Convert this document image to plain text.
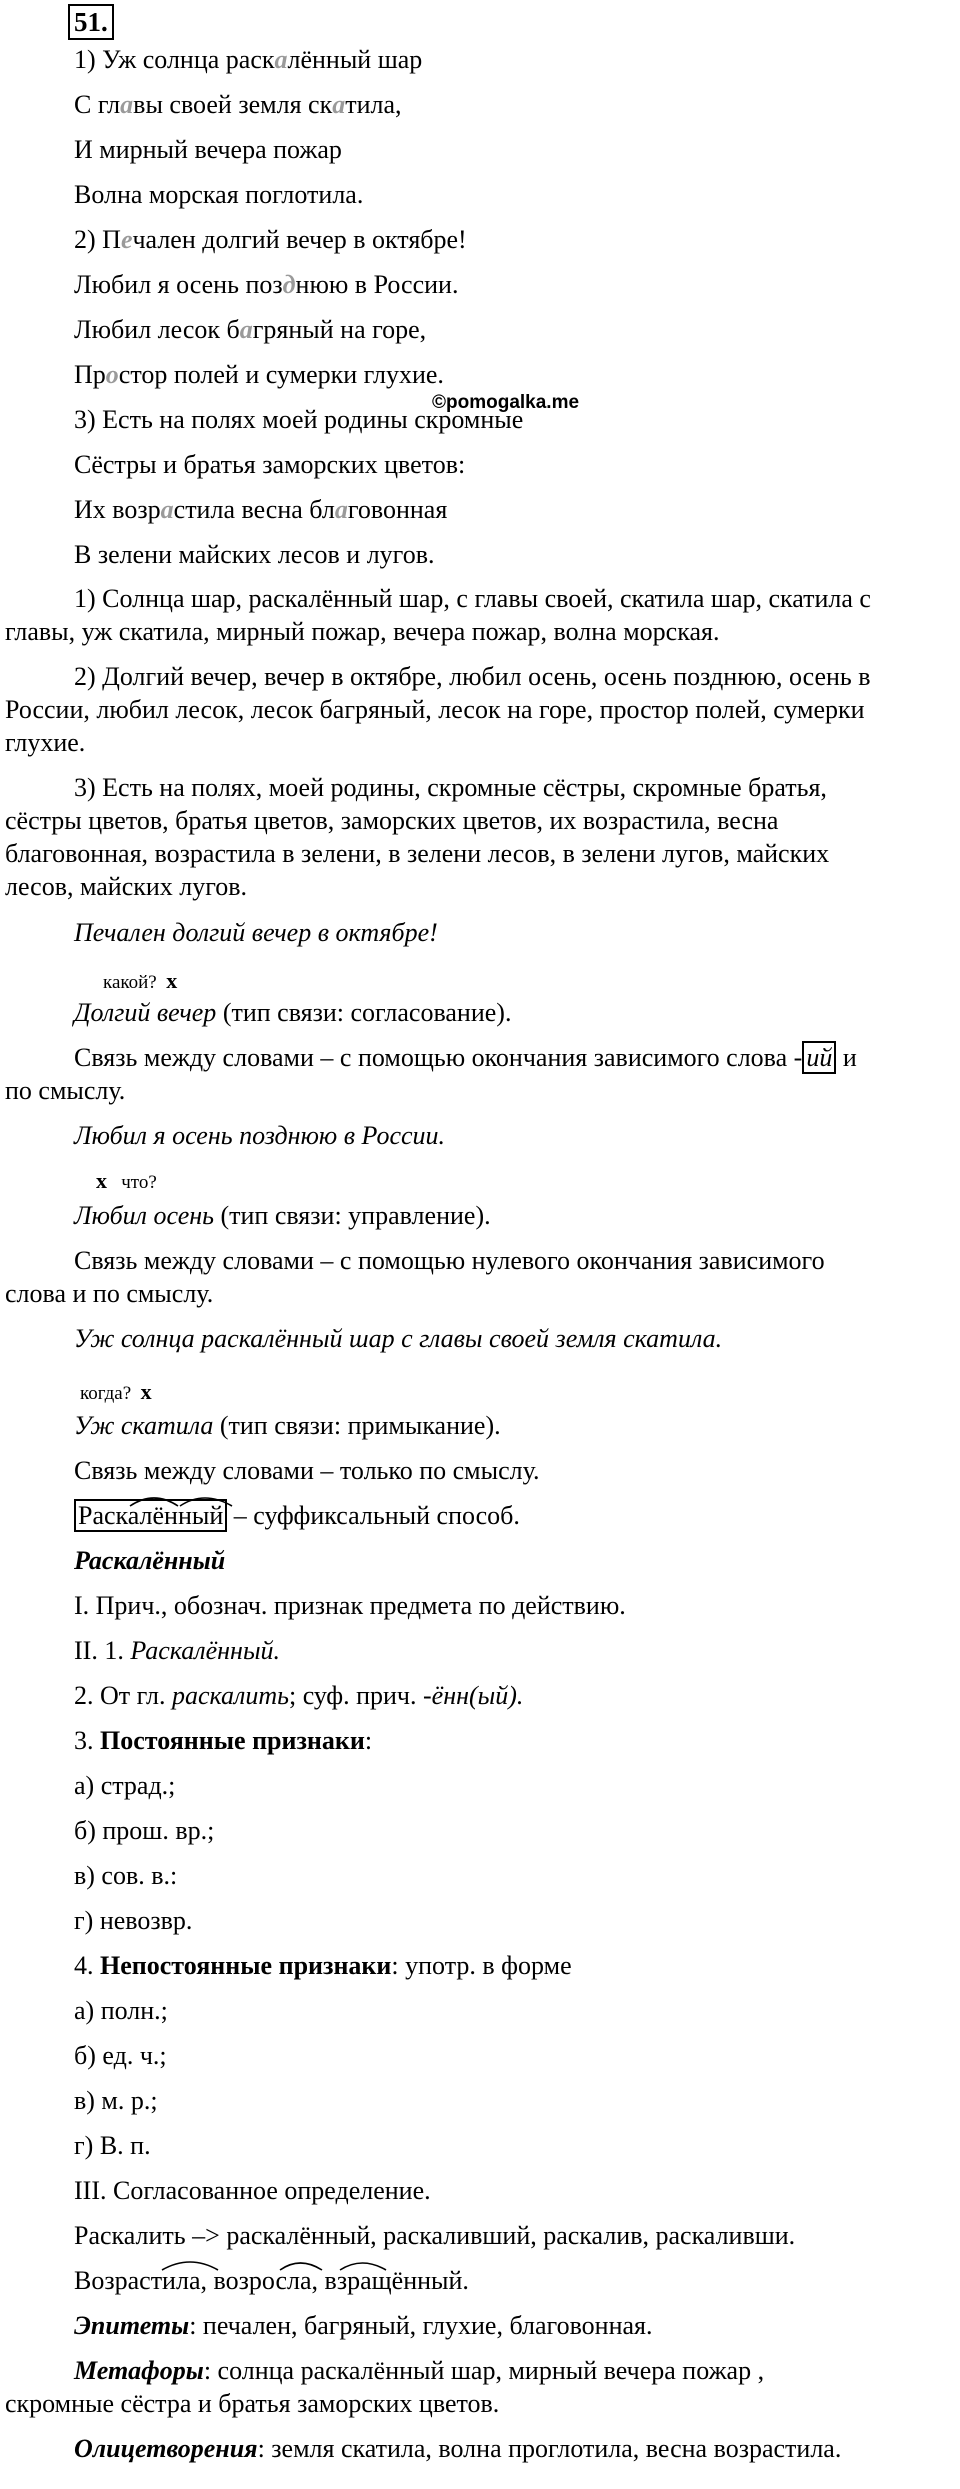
51.
1) Уж солнца раскалённый шар
С главы своей земля скатила,
И мирный вечера пожар
Волна морская поглотила.
2) Печален долгий вечер в октябре!
Любил я осень позднюю в России.
Любил лесок багряный на горе,
Простор полей и сумерки глухие.
©pomogalka.me
3) Есть на полях моей родины скромные
Сёстры и братья заморских цветов:
Их возрастила весна благовонная
В зелени майских лесов и лугов.
1) Солнца шар, раскалённый шар, с главы своей, скатила шар, скатила с
главы, уж скатила, мирный пожар, вечера пожар, волна морская.
2) Долгий вечер, вечер в октябре, любил осень, осень позднюю, осень в
России, любил лесок, лесок багряный, лесок на горе, простор полей, сумерки
глухие.
3) Есть на полях, моей родины, скромные сёстры, скромные братья,
сёстры цветов, братья цветов, заморских цветов, их возрастила, весна
благовонная, возрастила в зелени, в зелени лесов, в зелени лугов, майских
лесов, майских лугов.
Печален долгий вечер в октябре!
какой? x
Долгий вечер (тип связи: согласование).
Связь между словами – с помощью окончания зависимого слова - ий и
по смыслу.
Любил я осень позднюю в России.
x что?
Любил осень (тип связи: управление).
Связь между словами – с помощью нулевого окончания зависимого
слова и по смыслу.
Уж солнца раскалённый шар с главы своей земля скатила.
когда? x
Уж скатила (тип связи: примыкание).
Связь между словами – только по смыслу.
Раскалённый – суффиксальный способ.
Раскалённый
I. Прич., обознач. признак предмета по действию.
II. 1. Раскалённый.
2. От гл. раскалить; суф. прич. -ённ(ый).
3. Постоянные признаки:
а) страд.;
б) прош. вр.;
в) сов. в.:
г) невозвр.
4. Непостоянные признаки: употр. в форме
а) полн.;
б) ед. ч.;
в) м. р.;
г) В. п.
III. Согласованное определение.
Раскалить –> раскалённый, раскаливший, раскалив, раскаливши.
Возрастила, возросла, взращённый.
Эпитеты: печален, багряный, глухие, благовонная.
Метафоры: солнца раскалённый шар, мирный вечера пожар ,
скромные сёстра и братья заморских цветов.
Олицетворения: земля скатила, волна проглотила, весна возрастила.
